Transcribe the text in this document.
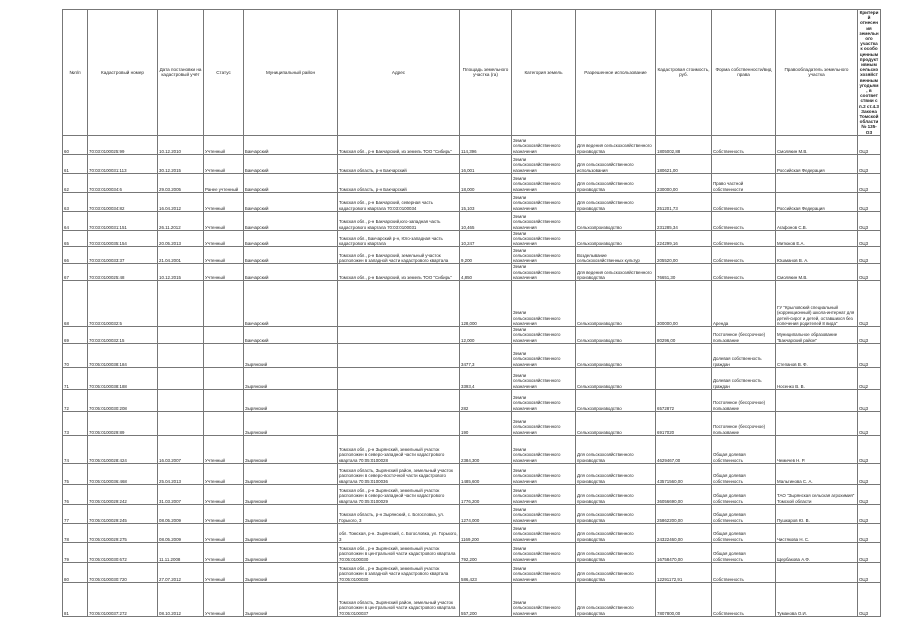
№п/п	Кадастровый номер	Дата постановки на кадастровый учёт	Статус	Муниципальный район	Адрес	Площадь земельного участка (га)	Категория земель	Разрешенное использование	Кадастровая стоимость, руб.	Форма собственности/вид права	Правообладатель земельного участка	Критерий отнесения земельного участка к особо ценным продуктивным сельскохозяйственным угодьям, в соответствии с п.2 ст.4.3 Закона Томской области № 135-ОЗ
60	70:03:0100025:99	10.12.2010	Учтенный	Бакчарский	Томская обл., р-н Бакчарский, из земель ТОО "Сибирь"	114,396	Земли сельскохозяйственного назначения	Для ведения сельскохозяйственного производства	1805002,88	Собственность	Смолякин М.В.	ОЦ3
61	70:03:0100031:113	30.12.2015	Учтенный	Бакчарский	Томская область, р-н Бакчарский	16,001	Земли сельскохозяйственного назначения	Для сельскохозяйственного использования	180621,00		Российская Федерация	ОЦ3
62	70:03:0100034:6	29.03.2005	Ранее учтенный	Бакчарский	Томская область, р-н Бакчарский	18,000	Земли сельскохозяйственного назначения	Для сельскохозяйственного производства	230000,00	Право частной собственности		ОЦ3
63	70:03:0100034:82	16.04.2012	Учтенный	Бакчарский	Томская обл., р-н Бакчарский, северная часть кадастрового квартала 70:03:0100034	15,103	Земли сельскохозяйственного назначения	Для сельскохозяйственного производства	251201,73	Собственность	Российская Федерация	ОЦ3
64	70:03:0100031:151	26.11.2012	Учтенный	Бакчарский	Томская обл., р-н Бакчарский,юго-западная часть кадастрового квартала 70:03:0100031	10,465	Земли сельскохозяйственного назначения	Сельхозпроизводство	231285,34	Собственность	Агафонов С.В.	ОЦ3
65	70:03:0100035:154	20.05.2013	Учтенный	Бакчарский	Томская обл., Бакчарский р-н, Юго-западная часть кадастрового квартала	10,247	Земли сельскохозяйственного назначения	Сельхозпроизводство	224299,16	Собственность	Митюков Е.А.	ОЦ3
66	70:03:0100033:37	21.04.2001	Учтенный	Бакчарский	Томская обл., р-н Бакчарский, земельный участок расположен в западной части кадастрового квартала	9,200	Земли сельскохозяйственного назначения	Возделывание сельскохозяйственных культур	205520,00	Собственность	Юшманов В. А.	ОЦ3
67	70:03:0100025:48	10.12.2015	Учтенный	Бакчарский	Томская обл., р-н Бакчарский, из земель ТОО "Сибирь"	4,850	Земли сельскохозяйственного назначения	Для ведения сельскохозяйственного производства	76651,30	Собственность	Смолякин М.В.	ОЦ3
68	70:03:0100032:5			Бакчарский		128,000	Земли сельскохозяйственного назначения	Сельхозпроизводство	300000,00	Аренда	ГУ "Крыловский специальный (коррекционный) школа-интернат для детей-сирот и детей, оставшихся без попечения родителей 8 вида"	ОЦ3
69	70:03:0100032:15			Бакчарский		12,000	Земли сельскохозяйственного назначения	Сельхозпроизводство	80296,00	Постоянное (бессрочное) пользование	Муниципальное образование "Бакчарский район"	ОЦ3
70	70:05:0100038:184			Зырянский		3477,3	Земли сельскохозяйственного назначения	Сельхозпроизводство		Долевая собственность граждан	Степанов В. Ф.	ОЦ3
71	70:05:0100038:188			Зырянский		3393,4	Земли сельскохозяйственного назначения	Сельхозпроизводство		Долевая собственность граждан	Носенко В. В.	ОЦ2
72	70:05:0100030:208			Зырянский		282	Земли сельскохозяйственного назначения	Сельхозпроизводство	6572872	Постоянное (бессрочное) пользование		ОЦ3
73	70:05:0100029:89			Зырянский		190	Земли сельскохозяйственного назначения	Сельхозпроизводство	6917020	Постоянное (бессрочное) пользование		ОЦ3
74	70:05:0100028:424	16.03.2007	Учтенный	Зырянский	Томская обл., р-н Зырянский, земельный участок расположен в северо-западной части кадастрового квартала 70:05:0100028	2384,300	Земли сельскохозяйственного назначения	Для сельскохозяйственного производства	4629467,00	Общая долевая собственность	Чемичев Н. Р.	ОЦ3
75	70:05:0100036:468	25.04.2013	Учтенный	Зырянский	Томская область, Зырянский район, земельный участок расположен в северо-восточной части кадастрового квартала 70:05:0100036	1485,600	Земли сельскохозяйственного назначения	Для сельскохозяйственного производства	43571560,00	Общая долевая собственность	Мальгинова С. А.	ОЦ3
76	70:05:0100029:242	31.03.2007	Учтенный	Зырянский	Томская обл., р-н Зырянский, земельный участок расположен в северо-западной части кадастрового квартала 70:05:0100029	1776,200	Земли сельскохозяйственного назначения	Для сельскохозяйственного производства	36056690,00	Общая долевая собственность	ТАО "Зырянская сельская агрохимия" Томской области	ОЦ3
77	70:05:0100029:245	08.05.2009	Учтенный	Зырянский	Томская область, р-н Зырянский, с. Богословка, ул. Горького, 3	1274,000	Земли сельскохозяйственного назначения	Для сельскохозяйственного производства	25862200,00	Общая долевая собственность	Пушкаров Ю. В.	ОЦ3
78	70:05:0100029:275	08.05.2009	Учтенный	Зырянский	обл. Томская, р-н. Зырянский, с. Богословка, ул. Горького, 3	1169,200	Земли сельскохозяйственного назначения	Для сельскохозяйственного производства	24322460,00	Общая долевая собственность	Чистякова Н. С.	ОЦ3
79	70:05:0100030:672	11.11.2008	Учтенный	Зырянский	Томская обл., р-н Зырянский, земельный участок расположен в центральной части кадастрового квартала 70:05:0100030	792,200	Земли сельскохозяйственного назначения	Для сельскохозяйственного производства	16758470,00	Общая долевая собственность	Щербакова А.Ф.	ОЦ3
80	70:05:0100030:720	27.07.2012	Учтенный	Зырянский	Томская обл., р-н Зырянский, земельный участок расположен в западной части кадастрового квартала 70:05:0100030	586,423	Земли сельскохозяйственного назначения	Для сельскохозяйственного производства	12291172,91	Собственность		ОЦ3
81	70:05:0100037:272	08.10.2012	Учтенный	Зырянский	Томская область, Зырянский район, земельный участок расположен в центральной части кадастрового квартала 70:05:0100037	557,200	Земли сельскохозяйственного назначения	Для сельскохозяйственного производства	7807800,00	Собственность	Туманова О.И.	ОЦ3
